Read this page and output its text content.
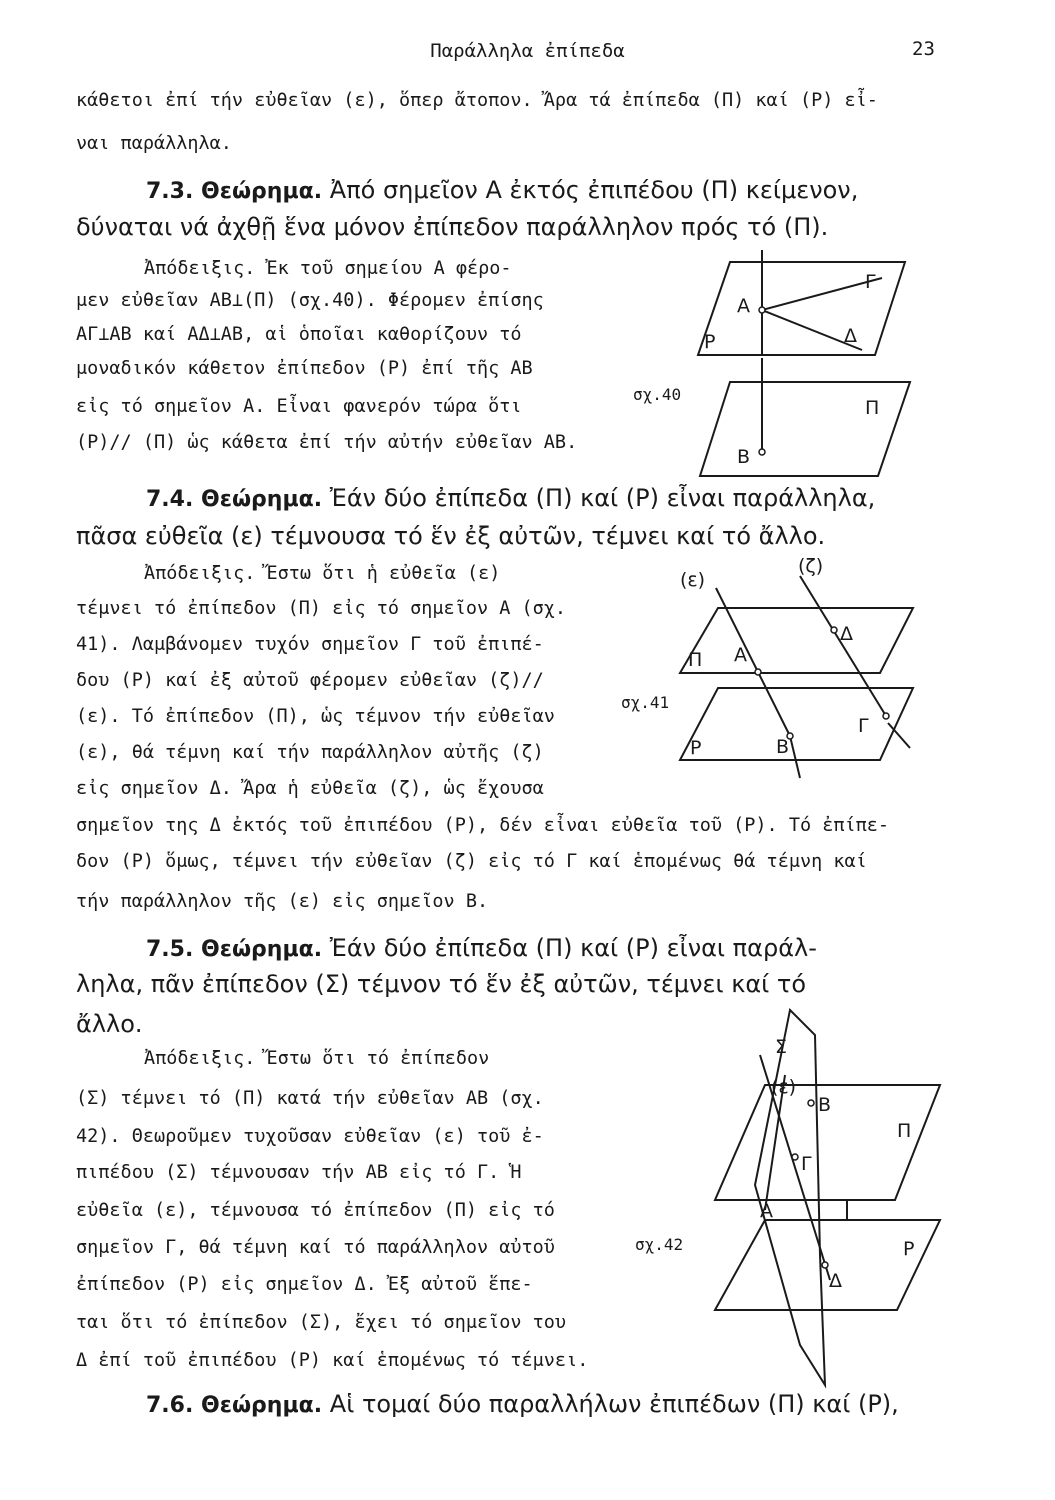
Παράλληλα ἐπίπεδα	23
κάθετοι ἐπί τήν εὐθεῖαν (ε), ὅπερ ἄτοπον. Ἄρα τά ἐπίπεδα (Π) καί (Ρ) εἶ-
ναι παράλληλα.
7.3. Θεώρημα. Ἀπό σημεῖον Α ἐκτός ἐπιπέδου (Π) κείμενον,
δύναται νά ἀχθῇ ἕνα μόνον ἐπίπεδον παράλληλον πρός τό (Π).
Ἀπόδειξις. Ἐκ τοῦ σημείου Α φέρο-
μεν εὐθεῖαν ΑΒ⊥(Π) (σχ.40). Φέρομεν ἐπίσης
ΑΓ⊥ΑΒ καί ΑΔ⊥ΑΒ, αἱ ὁποῖαι καθορίζουν τό
μοναδικόν κάθετον ἐπίπεδον (Ρ) ἐπί τῆς ΑΒ
εἰς τό σημεῖον Α. Εἶναι φανερόν τώρα ὅτι
(Ρ)// (Π) ὡς κάθετα ἐπί τήν αὐτήν εὐθεῖαν ΑΒ.
Α
Γ
Δ
Ρ
Π
Β
σχ.40
7.4. Θεώρημα. Ἐάν δύο ἐπίπεδα (Π) καί (Ρ) εἶναι παράλληλα,
πᾶσα εὐθεῖα (ε) τέμνουσα τό ἕν ἐξ αὐτῶν, τέμνει καί τό ἄλλο.
Ἀπόδειξις. Ἔστω ὅτι ἡ εὐθεῖα (ε)
τέμνει τό ἐπίπεδον (Π) εἰς τό σημεῖον Α (σχ.
41). Λαμβάνομεν τυχόν σημεῖον Γ τοῦ ἐπιπέ-
δου (Ρ) καί ἐξ αὐτοῦ φέρομεν εὐθεῖαν (ζ)//
(ε). Τό ἐπίπεδον (Π), ὡς τέμνον τήν εὐθεῖαν
(ε), θά τέμνη καί τήν παράλληλον αὐτῆς (ζ)
εἰς σημεῖον Δ. Ἄρα ἡ εὐθεῖα (ζ), ὡς ἔχουσα
σημεῖον της Δ ἐκτός τοῦ ἐπιπέδου (Ρ), δέν εἶναι εὐθεῖα τοῦ (Ρ). Τό ἐπίπε-
δον (Ρ) ὅμως, τέμνει τήν εὐθεῖαν (ζ) εἰς τό Γ καί ἑπομένως θά τέμνη καί
τήν παράλληλον τῆς (ε) εἰς σημεῖον Β.
(ε)
(ζ)
Δ
Π Α
Γ
Ρ	Β
σχ.41
7.5. Θεώρημα. Ἐάν δύο ἐπίπεδα (Π) καί (Ρ) εἶναι παράλ-
ληλα, πᾶν ἐπίπεδον (Σ) τέμνον τό ἕν ἐξ αὐτῶν, τέμνει καί τό
ἄλλο.
Ἀπόδειξις. Ἔστω ὅτι τό ἐπίπεδον
(Σ) τέμνει τό (Π) κατά τήν εὐθεῖαν ΑΒ (σχ.
42). Θεωροῦμεν τυχοῦσαν εὐθεῖαν (ε) τοῦ ἐ-
πιπέδου (Σ) τέμνουσαν τήν ΑΒ εἰς τό Γ. Ἡ
εὐθεῖα (ε), τέμνουσα τό ἐπίπεδον (Π) εἰς τό
σημεῖον Γ, θά τέμνη καί τό παράλληλον αὐτοῦ
ἐπίπεδον (Ρ) εἰς σημεῖον Δ. Ἐξ αὐτοῦ ἕπε-
ται ὅτι τό ἐπίπεδον (Σ), ἔχει τό σημεῖον του
Δ ἐπί τοῦ ἐπιπέδου (Ρ) καί ἑπομένως τό τέμνει.
Σ
(ε)
Β
Π
Γ
Α
Ρ
Δ
σχ.42
7.6. Θεώρημα. Αἱ τομαί δύο παραλλήλων ἐπιπέδων (Π) καί (Ρ),
